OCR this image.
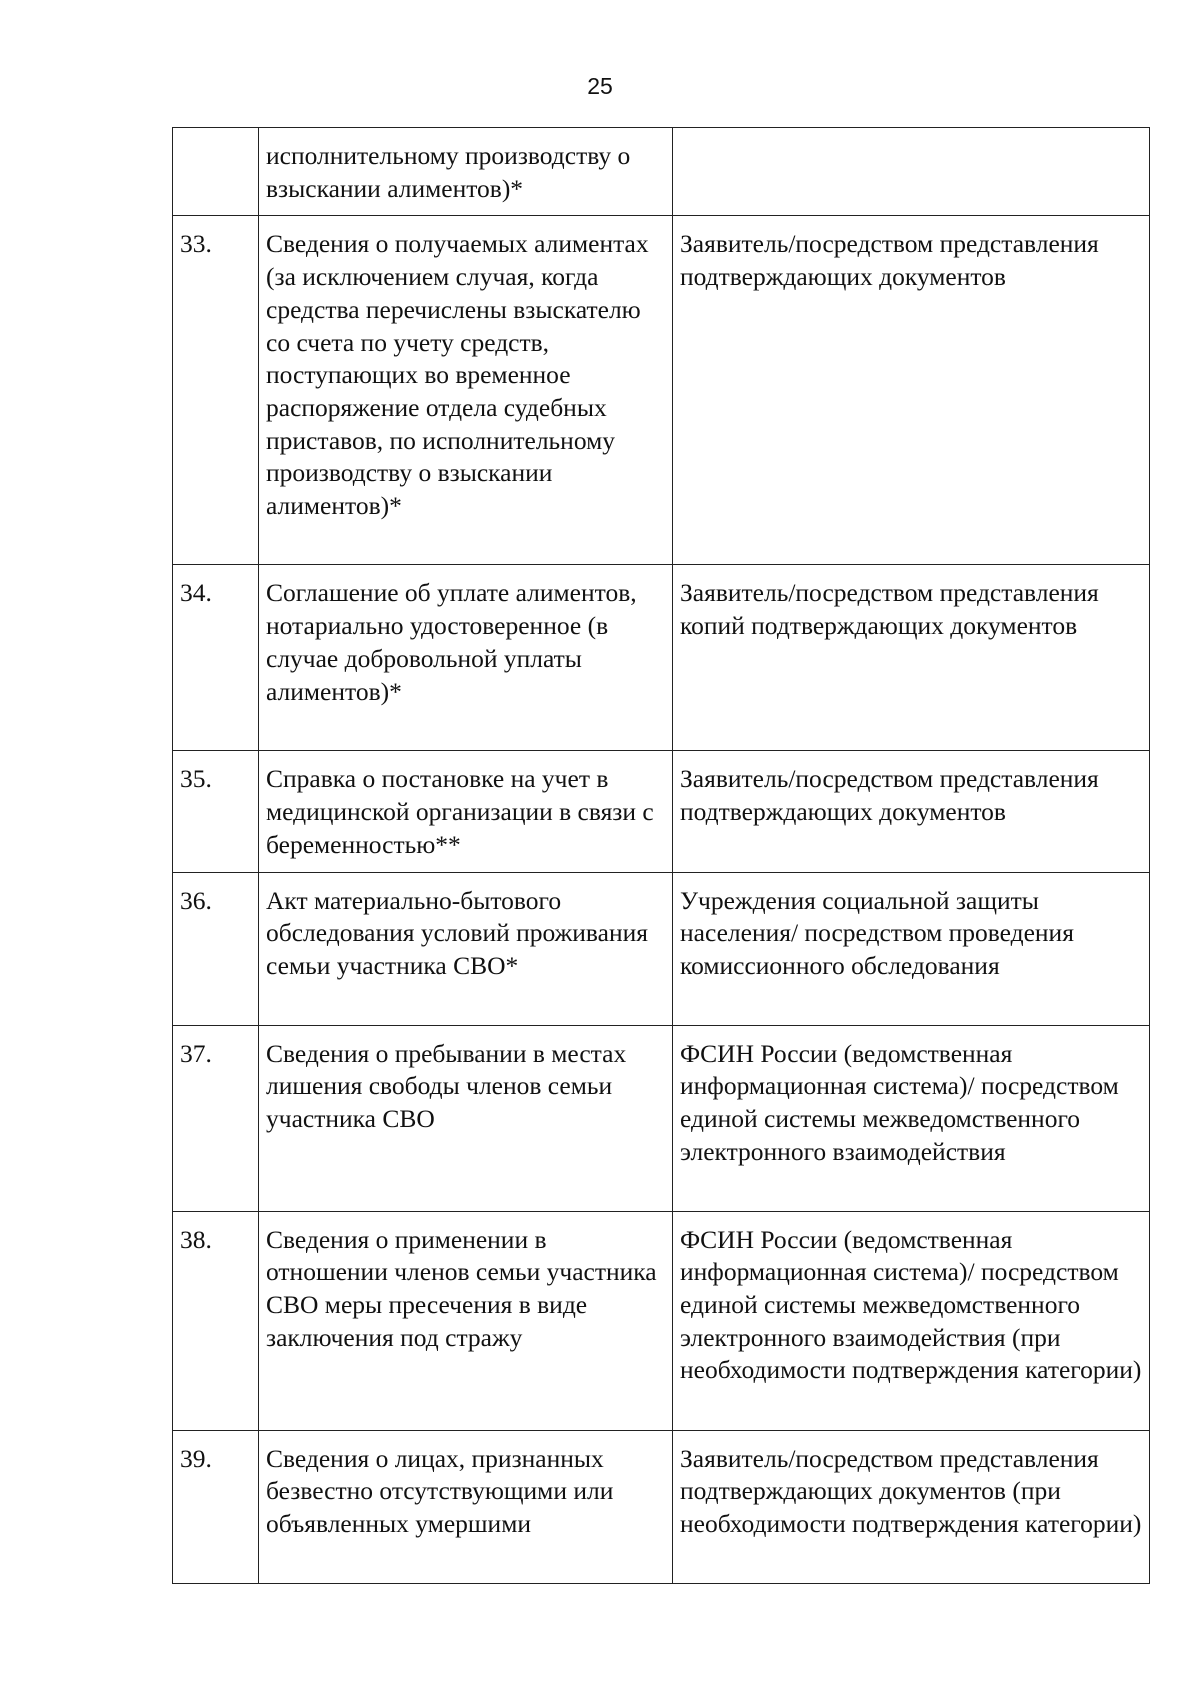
25
	исполнительному производству о взыскании алиментов)*	
33.	Сведения о получаемых алиментах (за исключением случая, когда средства перечислены взыскателю со счета по учету средств, поступающих во временное распоряжение отдела судебных приставов, по исполнительному производству о взыскании алиментов)*	Заявитель/посредством представления подтверждающих документов
34.	Соглашение об уплате алиментов, нотариально удостоверенное (в случае добровольной уплаты алиментов)*	Заявитель/посредством представления копий подтверждающих документов
35.	Справка о постановке на учет в медицинской организации в связи с беременностью**	Заявитель/посредством представления подтверждающих документов
36.	Акт материально-бытового обследования условий проживания семьи участника СВО*	Учреждения социальной защиты населения/ посредством проведения комиссионного обследования
37.	Сведения о пребывании в местах лишения свободы членов семьи участника СВО	ФСИН России (ведомственная информационная система)/ посредством единой системы межведомственного электронного взаимодействия
38.	Сведения о применении в отношении членов семьи участника СВО меры пресечения в виде заключения под стражу	ФСИН России (ведомственная информационная система)/ посредством единой системы межведомственного электронного взаимодействия (при необходимости подтверждения категории)
39.	Сведения о лицах, признанных безвестно отсутствующими или объявленных умершими	Заявитель/посредством представления подтверждающих документов (при необходимости подтверждения категории)
